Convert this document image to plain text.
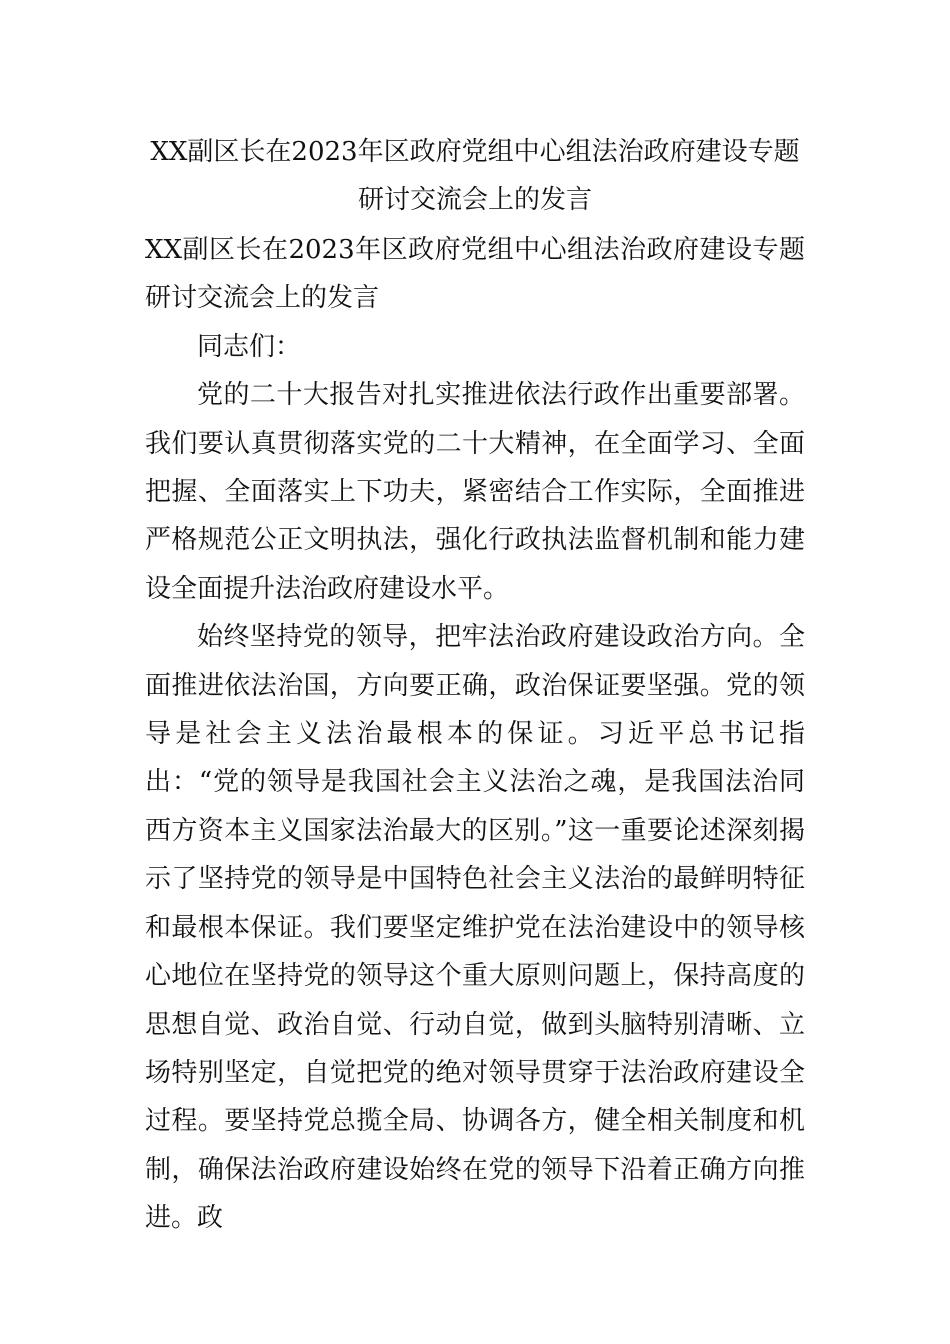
XX副区长在2023年区政府党组中心组法治政府建设专题
研讨交流会上的发言

XX副区长在2023年区政府党组中心组法治政府建设专题研讨交流会上的发言

同志们：

党的二十大报告对扎实推进依法行政作出重要部署。我们要认真贯彻落实党的二十大精神，在全面学习、全面把握、全面落实上下功夫，紧密结合工作实际，全面推进严格规范公正文明执法，强化行政执法监督机制和能力建设全面提升法治政府建设水平。

始终坚持党的领导，把牢法治政府建设政治方向。全面推进依法治国，方向要正确，政治保证要坚强。党的领导是社会主义法治最根本的保证。习近平总书记指出：“党的领导是我国社会主义法治之魂，是我国法治同西方资本主义国家法治最大的区别。”这一重要论述深刻揭示了坚持党的领导是中国特色社会主义法治的最鲜明特征和最根本保证。我们要坚定维护党在法治建设中的领导核心地位在坚持党的领导这个重大原则问题上，保持高度的思想自觉、政治自觉、行动自觉，做到头脑特别清晰、立场特别坚定，自觉把党的绝对领导贯穿于法治政府建设全过程。要坚持党总揽全局、协调各方，健全相关制度和机制，确保法治政府建设始终在党的领导下沿着正确方向推进。政
